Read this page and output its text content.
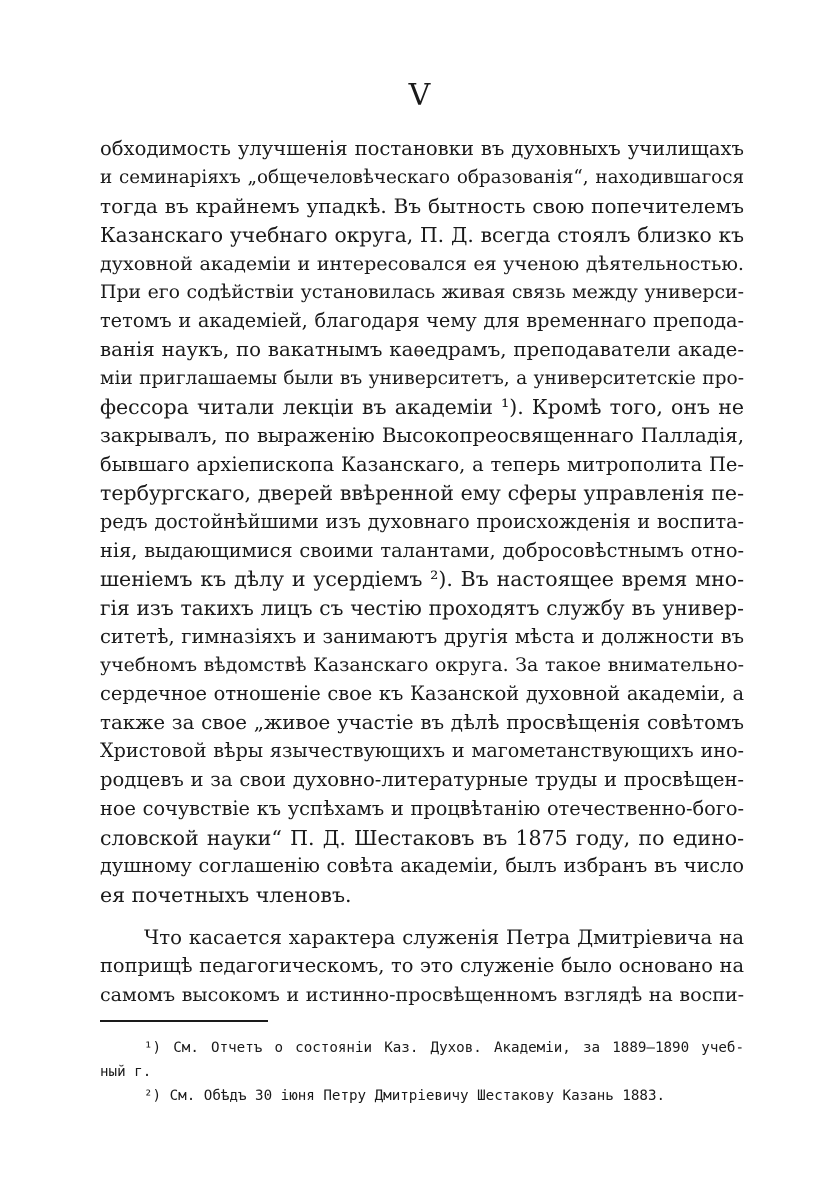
V
обходимость улучшенія постановки въ духовныхъ училищахъ
и семинаріяхъ „общечеловѣческаго образованія“, находившагося
тогда въ крайнемъ упадкѣ. Въ бытность свою попечителемъ
Казанскаго учебнаго округа, П. Д. всегда стоялъ близко къ
духовной академіи и интересовался ея ученою дѣятельностью.
При его содѣйствіи установилась живая связь между универси-
тетомъ и академіей, благодаря чему для временнаго препода-
ванія наукъ, по вакатнымъ каѳедрамъ, преподаватели акаде-
міи приглашаемы были въ университетъ, а университетскіе про-
фессора читали лекціи въ академіи ¹). Кромѣ того, онъ не
закрывалъ, по выраженію Высокопреосвященнаго Палладія,
бывшаго архіепископа Казанскаго, а теперь митрополита Пе-
тербургскаго, дверей ввѣренной ему сферы управленія пе-
редъ достойнѣйшими изъ духовнаго происхожденія и воспита-
нія, выдающимися своими талантами, добросовѣстнымъ отно-
шеніемъ къ дѣлу и усердіемъ ²). Въ настоящее время мно-
гія изъ такихъ лицъ съ честію проходятъ службу въ универ-
ситетѣ, гимназіяхъ и занимаютъ другія мѣста и должности въ
учебномъ вѣдомствѣ Казанскаго округа. За такое внимательно-
сердечное отношеніе свое къ Казанской духовной академіи, а
также за свое „живое участіе въ дѣлѣ просвѣщенія совѣтомъ
Христовой вѣры язычествующихъ и магометанствующихъ ино-
родцевъ и за свои духовно-литературные труды и просвѣщен-
ное сочувствіе къ успѣхамъ и процвѣтанію отечественно-бого-
словской науки“ П. Д. Шестаковъ въ 1875 году, по едино-
душному соглашенію совѣта академіи, былъ избранъ въ число
ея почетныхъ членовъ.
Что касается характера служенія Петра Дмитріевича на
поприщѣ педагогическомъ, то это служеніе было основано на
самомъ высокомъ и истинно-просвѣщенномъ взглядѣ на воспи-
¹) См. Отчетъ о состояніи Каз. Духов. Академіи, за 1889—1890 учеб-
ный г.
²) См. Обѣдъ 30 іюня Петру Дмитріевичу Шестакову Казань 1883.
